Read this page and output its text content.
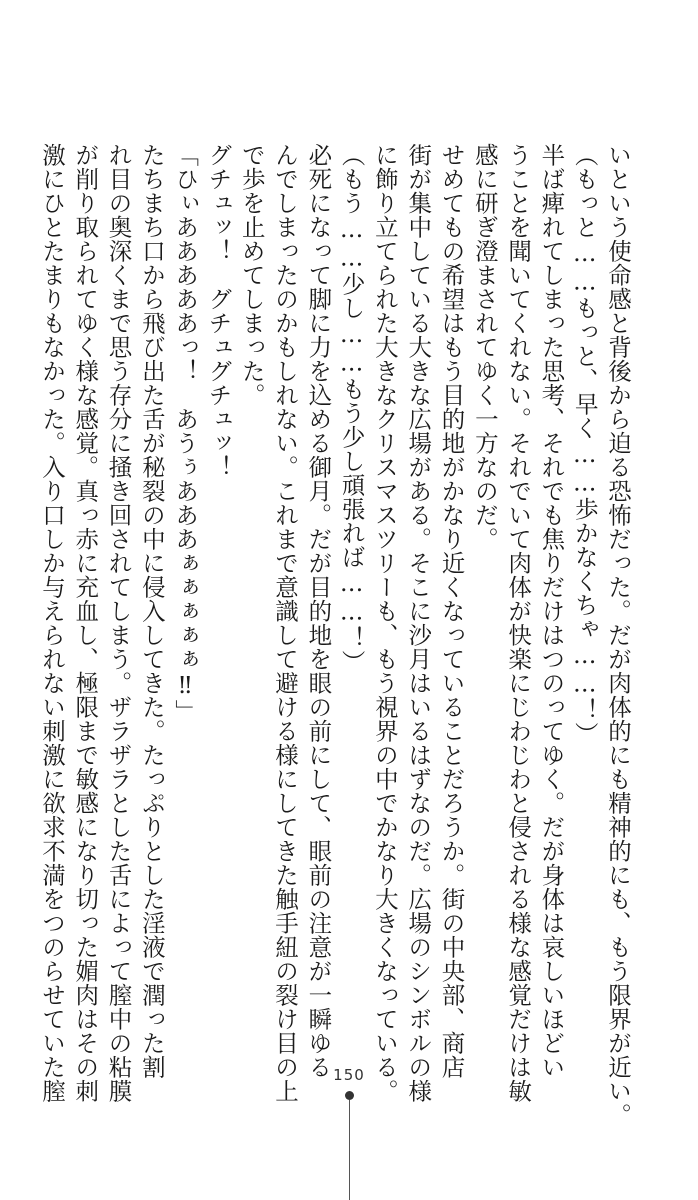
いという使命感と背後から迫る恐怖だった。だが肉体的にも精神的にも、もう限界が近い。
（もっと……もっと、早く……歩かなくちゃ……！）
半ば痺れてしまった思考、それでも焦りだけはつのってゆく。だが身体は哀しいほどい
うことを聞いてくれない。それでいて肉体が快楽にじわじわと侵される様な感覚だけは敏
感に研ぎ澄まされてゆく一方なのだ。
せめてもの希望はもう目的地がかなり近くなっていることだろうか。街の中央部、商店
街が集中している大きな広場がある。そこに沙月はいるはずなのだ。広場のシンボルの様
に飾り立てられた大きなクリスマスツリーも、もう視界の中でかなり大きくなっている。
（もう……少し……もう少し頑張れば……！）
必死になって脚に力を込める御月。だが目的地を眼の前にして、眼前の注意が一瞬ゆる
んでしまったのかもしれない。これまで意識して避ける様にしてきた触手紐の裂け目の上
で歩を止めてしまった。
グチュッ！　グチュグチュッ！
「ひぃあああああっ！　あうぅあああぁぁぁぁぁ‼」
たちまち口から飛び出た舌が秘裂の中に侵入してきた。たっぷりとした淫液で潤った割
れ目の奥深くまで思う存分に掻き回されてしまう。ザラザラとした舌によって膣中の粘膜
が削り取られてゆく様な感覚。真っ赤に充血し、極限まで敏感になり切った媚肉はその刺
激にひとたまりもなかった。入り口しか与えられない刺激に欲求不満をつのらせていた膣	150
